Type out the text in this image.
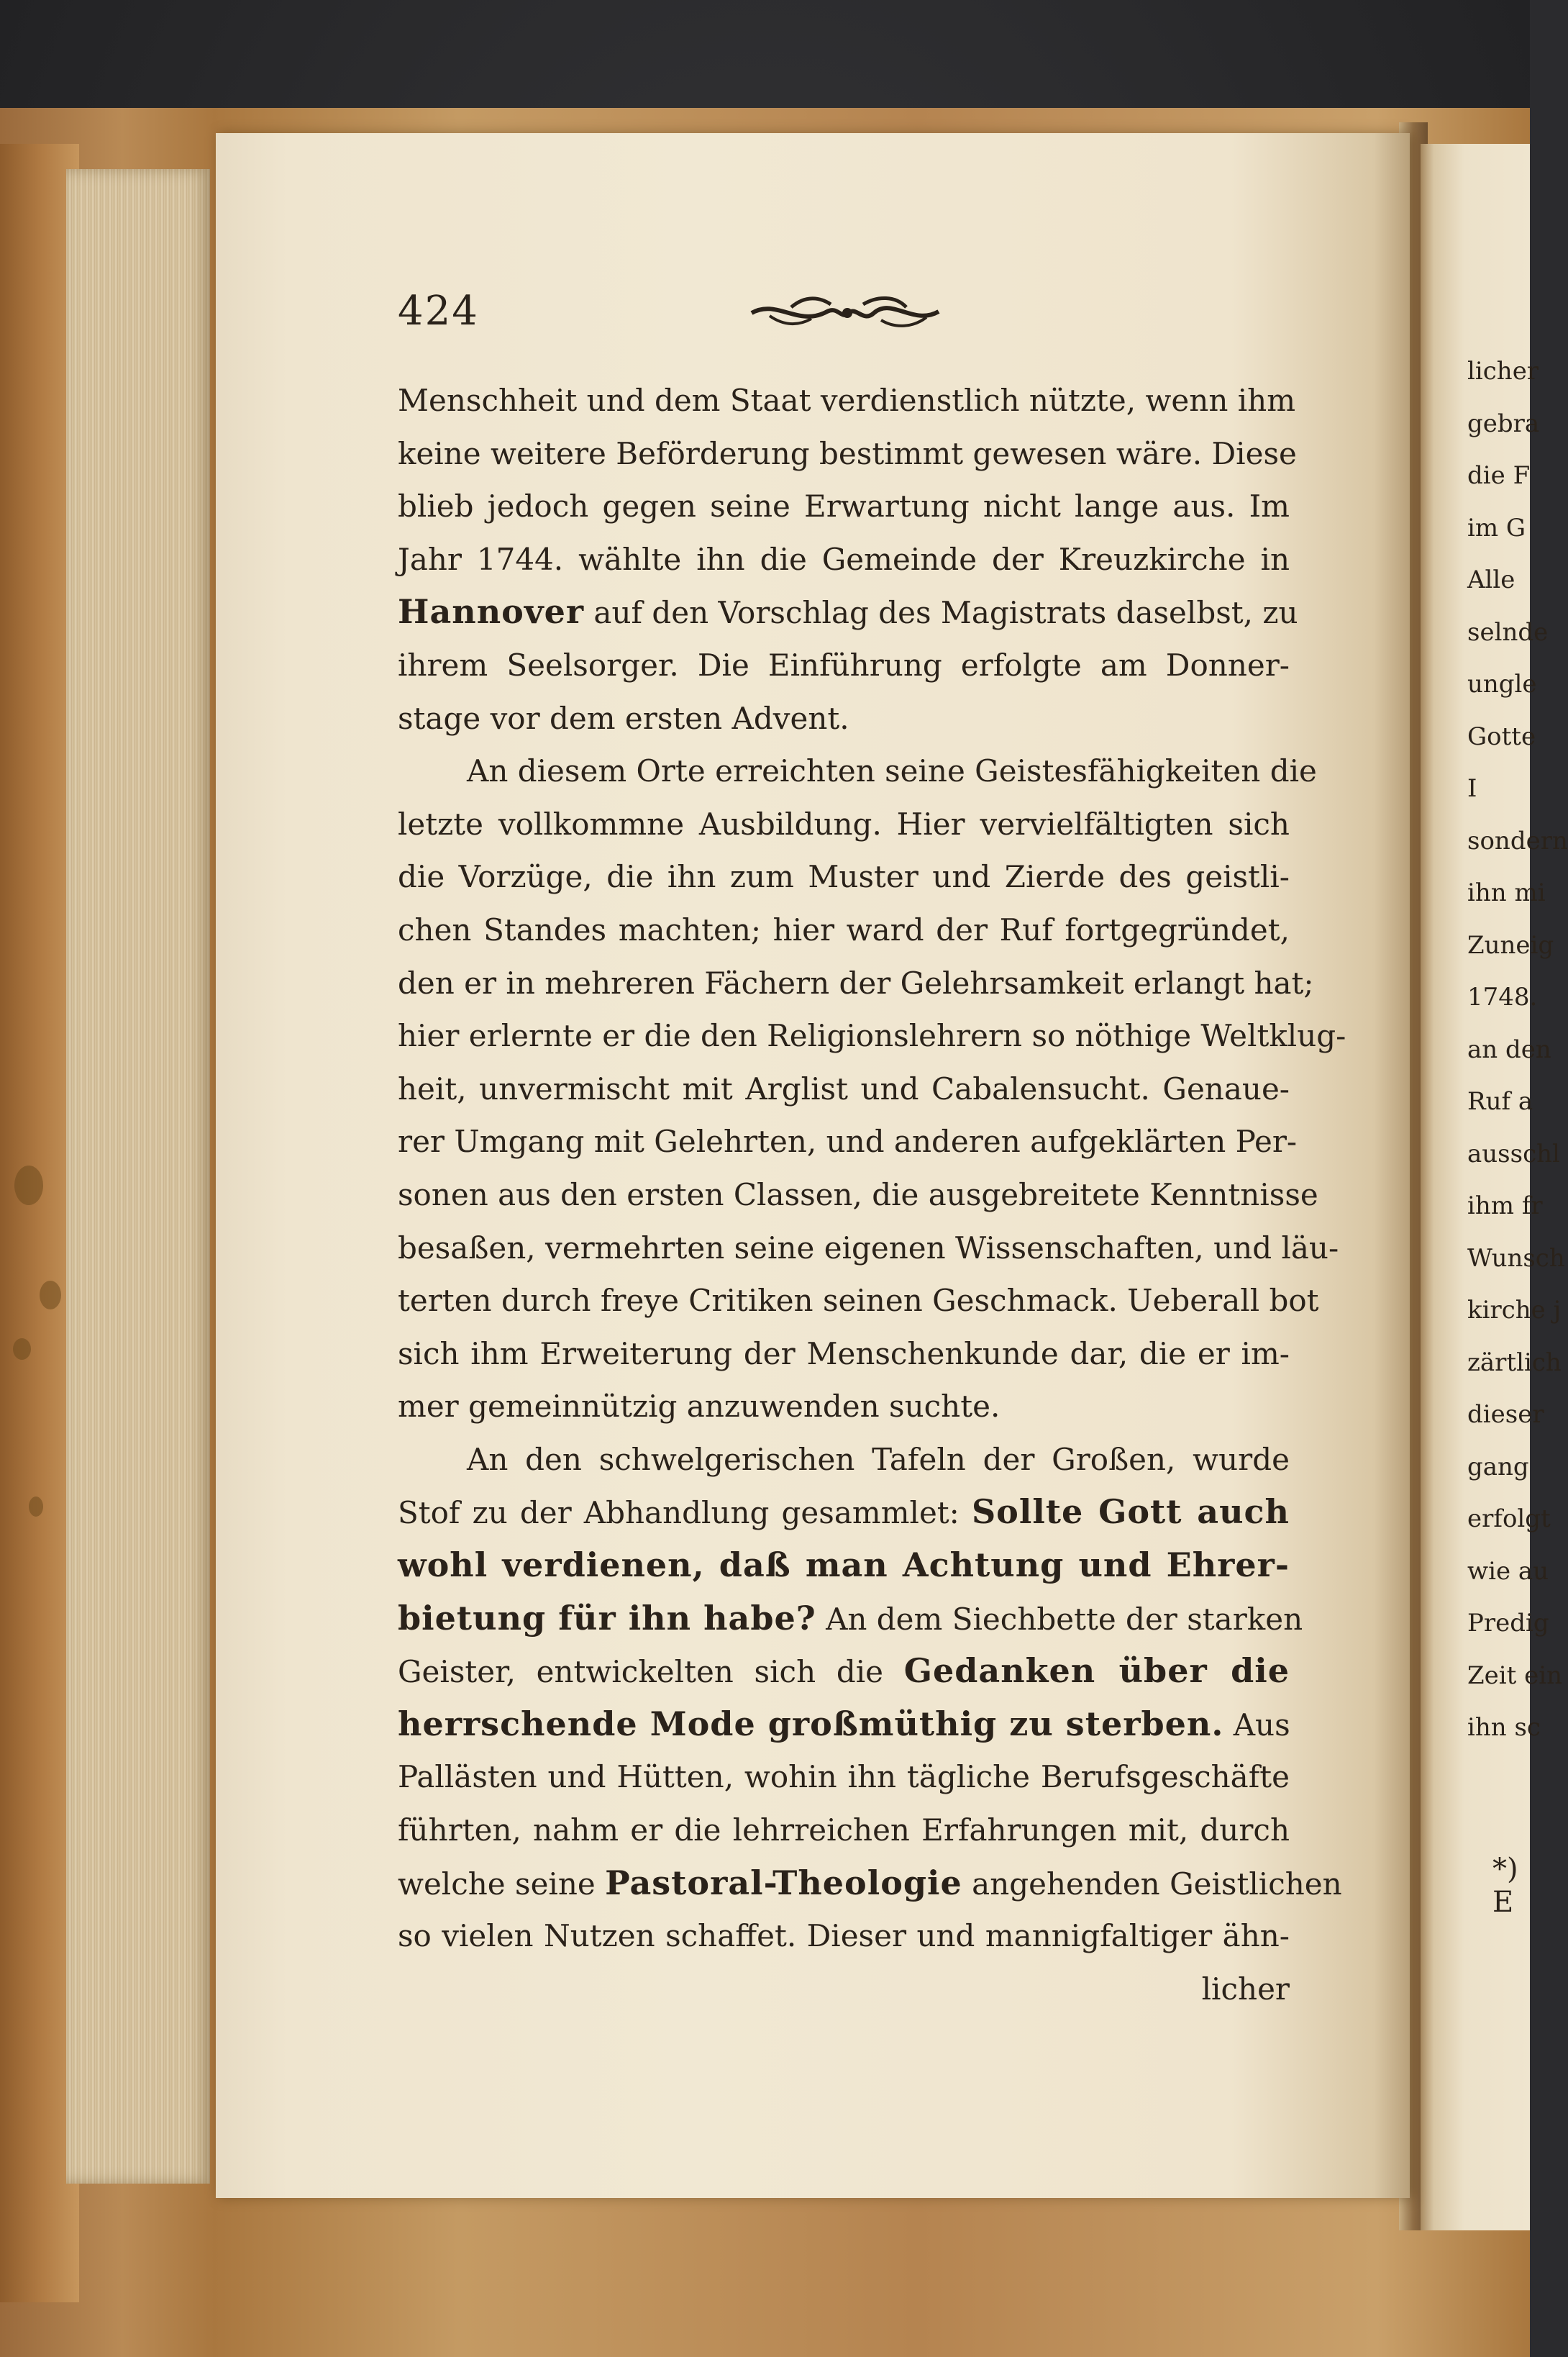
424
Menschheit und dem Staat verdienstlich nützte, wenn ihm
keine weitere Beförderung bestimmt gewesen wäre. Diese
blieb jedoch gegen seine Erwartung nicht lange aus. Im
Jahr 1744. wählte ihn die Gemeinde der Kreuzkirche in
Hannover auf den Vorschlag des Magistrats daselbst, zu
ihrem Seelsorger. Die Einführung erfolgte am Donner-
stage vor dem ersten Advent.
An diesem Orte erreichten seine Geistesfähigkeiten die
letzte vollkommne Ausbildung. Hier vervielfältigten sich
die Vorzüge, die ihn zum Muster und Zierde des geistli-
chen Standes machten; hier ward der Ruf fortgegründet,
den er in mehreren Fächern der Gelehrsamkeit erlangt hat;
hier erlernte er die den Religionslehrern so nöthige Weltklug-
heit, unvermischt mit Arglist und Cabalensucht. Genaue-
rer Umgang mit Gelehrten, und anderen aufgeklärten Per-
sonen aus den ersten Classen, die ausgebreitete Kenntnisse
besaßen, vermehrten seine eigenen Wissenschaften, und läu-
terten durch freye Critiken seinen Geschmack. Ueberall bot
sich ihm Erweiterung der Menschenkunde dar, die er im-
mer gemeinnützig anzuwenden suchte.
An den schwelgerischen Tafeln der Großen, wurde
Stof zu der Abhandlung gesammlet: Sollte Gott auch
wohl verdienen, daß man Achtung und Ehrer-
bietung für ihn habe? An dem Siechbette der starken
Geister, entwickelten sich die Gedanken über die
herrschende Mode großmüthig zu sterben. Aus
Pallästen und Hütten, wohin ihn tägliche Berufsgeschäfte
führten, nahm er die lehrreichen Erfahrungen mit, durch
welche seine Pastoral-Theologie angehenden Geistlichen
so vielen Nutzen schaffet. Dieser und mannigfaltiger ähn-
licher
licher
gebra
die F
im G
Alle
selnde
ungle
Gotte
I
sondern
ihn mi
Zuneig
1748.
an den
Ruf a
ausschl
ihm fr
Wunsch
kirche j
zärtlich
dieser
gang
erfolgt
wie au
Predig
Zeit ein
ihn sc
*) E
